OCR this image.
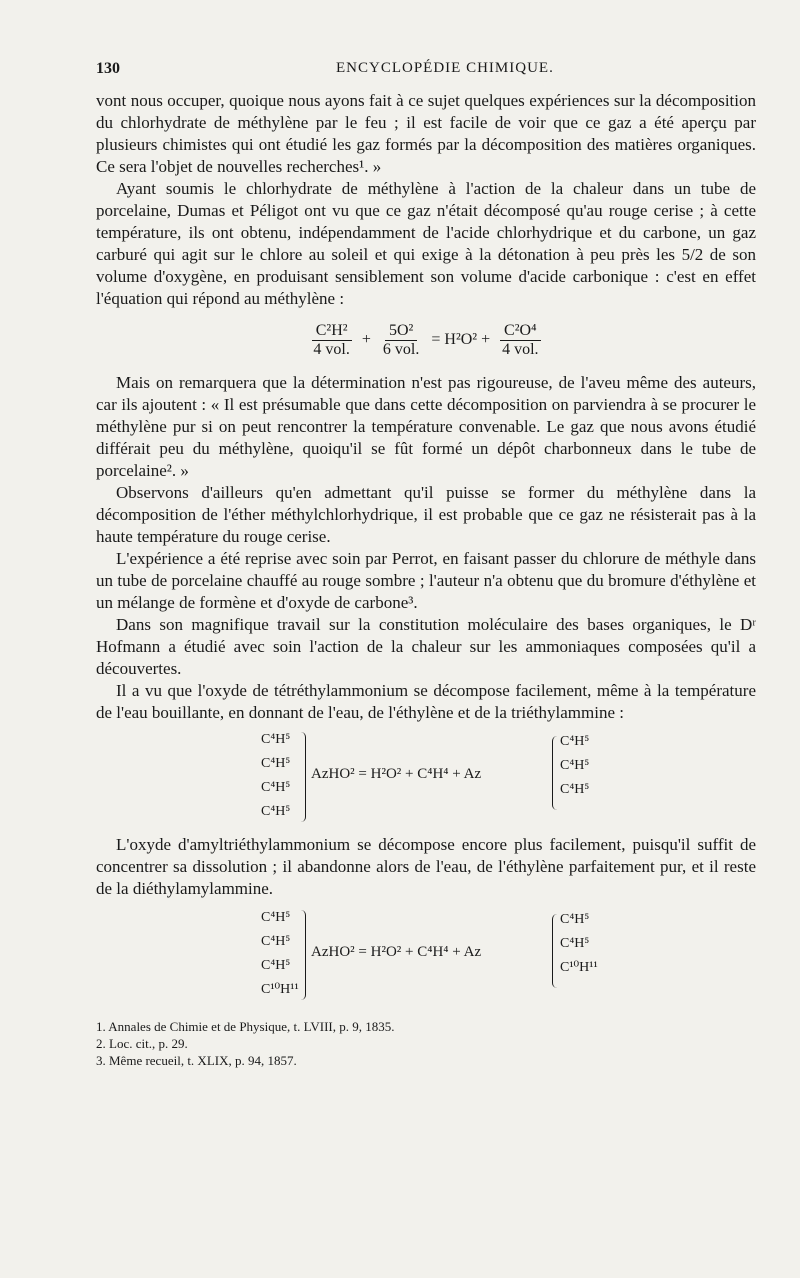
130	ENCYCLOPÉDIE CHIMIQUE.

vont nous occuper, quoique nous ayons fait à ce sujet quelques expériences sur la décomposition du chlorhydrate de méthylène par le feu ; il est facile de voir que ce gaz a été aperçu par plusieurs chimistes qui ont étudié les gaz formés par la décomposition des matières organiques. Ce sera l'objet de nouvelles recherches¹. »

Ayant soumis le chlorhydrate de méthylène à l'action de la chaleur dans un tube de porcelaine, Dumas et Péligot ont vu que ce gaz n'était décomposé qu'au rouge cerise ; à cette température, ils ont obtenu, indépendamment de l'acide chlorhydrique et du carbone, un gaz carburé qui agit sur le chlore au soleil et qui exige à la détonation à peu près les 5/2 de son volume d'oxygène, en produisant sensiblement son volume d'acide carbonique : c'est en effet l'équation qui répond au méthylène :

$\frac{\text{C²H²}}{\text{4 vol.}} + \frac{\text{5O²}}{\text{6 vol.}} = H^2O^2 + \frac{\text{C²O⁴}}{\text{4 vol.}}$

Mais on remarquera que la détermination n'est pas rigoureuse, de l'aveu même des auteurs, car ils ajoutent : « Il est présumable que dans cette décomposition on parviendra à se procurer le méthylène pur si on peut rencontrer la température convenable. Le gaz que nous avons étudié différait peu du méthylène, quoiqu'il se fût formé un dépôt charbonneux dans le tube de porcelaine². »

Observons d'ailleurs qu'en admettant qu'il puisse se former du méthylène dans la décomposition de l'éther méthylchlorhydrique, il est probable que ce gaz ne résisterait pas à la haute température du rouge cerise.

L'expérience a été reprise avec soin par Perrot, en faisant passer du chlorure de méthyle dans un tube de porcelaine chauffé au rouge sombre ; l'auteur n'a obtenu que du bromure d'éthylène et un mélange de formène et d'oxyde de carbone³.

Dans son magnifique travail sur la constitution moléculaire des bases organiques, le Dʳ Hofmann a étudié avec soin l'action de la chaleur sur les ammoniaques composées qu'il a découvertes.

Il a vu que l'oxyde de tétréthylammonium se décompose facilement, même à la température de l'eau bouillante, en donnant de l'eau, de l'éthylène et de la triéthylammine :

C⁴H⁵
C⁴H⁵
C⁴H⁵
C⁴H⁵
AzHO² = H²O² + C⁴H⁴ + Az
C⁴H⁵
C⁴H⁵
C⁴H⁵

L'oxyde d'amyltriéthylammonium se décompose encore plus facilement, puisqu'il suffit de concentrer sa dissolution ; il abandonne alors de l'eau, de l'éthylène parfaitement pur, et il reste de la diéthylamylammine.

C⁴H⁵
C⁴H⁵
C⁴H⁵
C¹⁰H¹¹
AzHO² = H²O² + C⁴H⁴ + Az
C⁴H⁵
C⁴H⁵
C¹⁰H¹¹
1. Annales de Chimie et de Physique, t. LVIII, p. 9, 1835.
2. Loc. cit., p. 29.
3. Même recueil, t. XLIX, p. 94, 1857.
